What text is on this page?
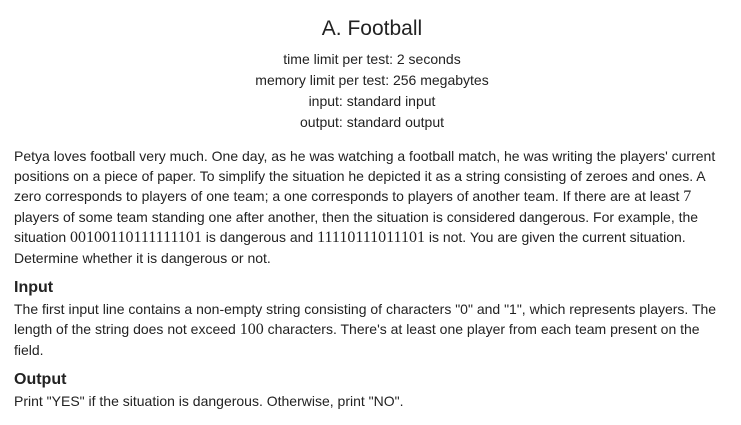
A. Football
time limit per test: 2 seconds
memory limit per test: 256 megabytes
input: standard input
output: standard output
Petya loves football very much. One day, as he was watching a football match, he was writing the players' current positions on a piece of paper. To simplify the situation he depicted it as a string consisting of zeroes and ones. A zero corresponds to players of one team; a one corresponds to players of another team. If there are at least 7 players of some team standing one after another, then the situation is considered dangerous. For example, the situation 00100110111111101 is dangerous and 11110111011101 is not. You are given the current situation. Determine whether it is dangerous or not.
Input
The first input line contains a non-empty string consisting of characters "0" and "1", which represents players. The length of the string does not exceed 100 characters. There's at least one player from each team present on the field.
Output
Print "YES" if the situation is dangerous. Otherwise, print "NO".
